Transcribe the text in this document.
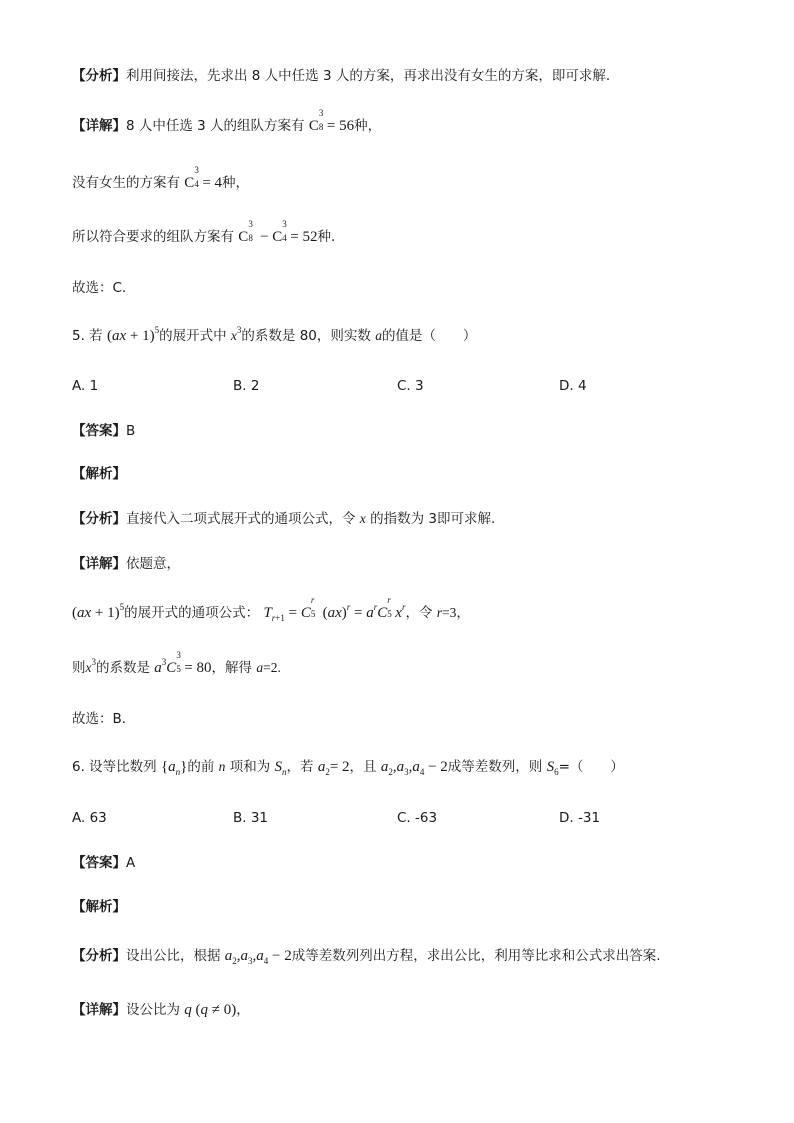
【分析】利用间接法，先求出 8 人中任选 3 人的方案，再求出没有女生的方案，即可求解.
【详解】8 人中任选 3 人的组队方案有 C
3
8 = 56种，
没有女生的方案有 C
3
4 = 4种，
所以符合要求的组队方案有 C
3
8 − C
3
4 = 52种.
故选：C.
5. 若 (ax + 1)$^5$的展开式中 $x^3$的系数是 80，则实数 a的值是（　　）
A. 1	B. 2	C. 3	D. 4
【答案】B
【解析】
【分析】直接代入二项式展开式的通项公式，令 x 的指数为 3即可求解.
【详解】依题意，
(ax + 1)$^5$的展开式的通项公式： $T_{r+1} = C$
r
5 $(ax)^r = a^rC$
r
5 $x^r$，令 r=3，
则$x^3$的系数是 $a^3C$
3
5 = 80，解得 a=2.
故选：B．
6. 设等比数列 $\{a_n\}$的前 n 项和为 $S_n$，若 $a_2= 2$，且 $a_2,a_3,a_4 - 2$成等差数列，则 $S_6=$（　　）
A. 63	B. 31	C. -63	D. -31
【答案】A
【解析】
【分析】设出公比，根据 $a_2,a_3,a_4 - 2$成等差数列列出方程，求出公比，利用等比求和公式求出答案.
【详解】设公比为 q (q ≠ 0)，
